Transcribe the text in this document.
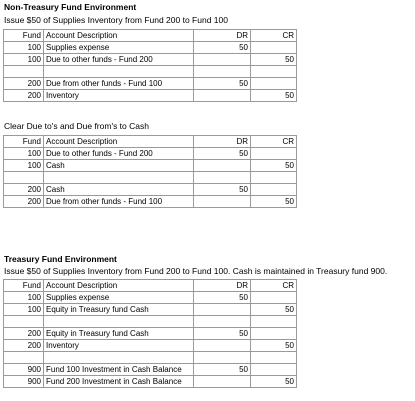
Non-Treasury Fund Environment
Issue $50 of Supplies Inventory from Fund 200 to Fund 100
Fund	Account Description	DR	CR
100	Supplies expense	50	
100	Due to other funds - Fund 200		50

200	Due from other funds - Fund 100	50	
200	Inventory		50
Clear Due to's and Due from's to Cash
Fund	Account Description	DR	CR
100	Due to other funds - Fund 200	50	
100	Cash		50

200	Cash	50	
200	Due from other funds - Fund 100		50
Treasury Fund Environment
Issue $50 of Supplies Inventory from Fund 200 to Fund 100. Cash is maintained in Treasury fund 900.
Fund	Account Description	DR	CR
100	Supplies expense	50	
100	Equity in Treasury fund Cash		50

200	Equity in Treasury fund Cash	50	
200	Inventory		50

900	Fund 100 Investment in Cash Balance	50	
900	Fund 200 Investment in Cash Balance		50
